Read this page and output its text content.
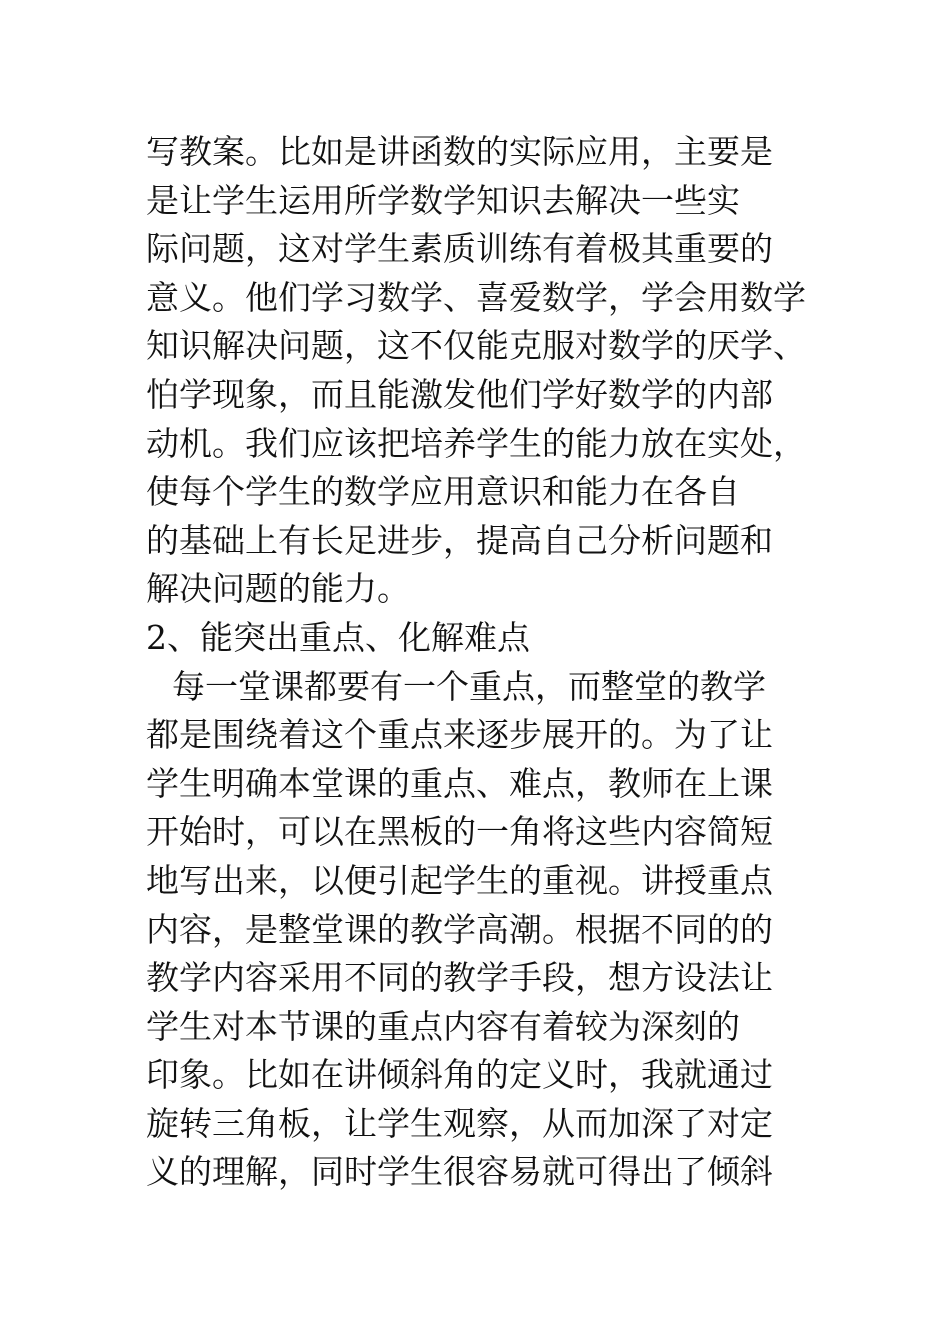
写教案。比如是讲函数的实际应用，主要是
是让学生运用所学数学知识去解决一些实
际问题，这对学生素质训练有着极其重要的
意义。他们学习数学、喜爱数学，学会用数学
知识解决问题，这不仅能克服对数学的厌学、
怕学现象，而且能激发他们学好数学的内部
动机。我们应该把培养学生的能力放在实处，
使每个学生的数学应用意识和能力在各自
的基础上有长足进步，提高自己分析问题和
解决问题的能力。
2、能突出重点、化解难点
每一堂课都要有一个重点，而整堂的教学
都是围绕着这个重点来逐步展开的。为了让
学生明确本堂课的重点、难点，教师在上课
开始时，可以在黑板的一角将这些内容简短
地写出来，以便引起学生的重视。讲授重点
内容，是整堂课的教学高潮。根据不同的的
教学内容采用不同的教学手段，想方设法让
学生对本节课的重点内容有着较为深刻的
印象。比如在讲倾斜角的定义时，我就通过
旋转三角板，让学生观察，从而加深了对定
义的理解，同时学生很容易就可得出了倾斜
